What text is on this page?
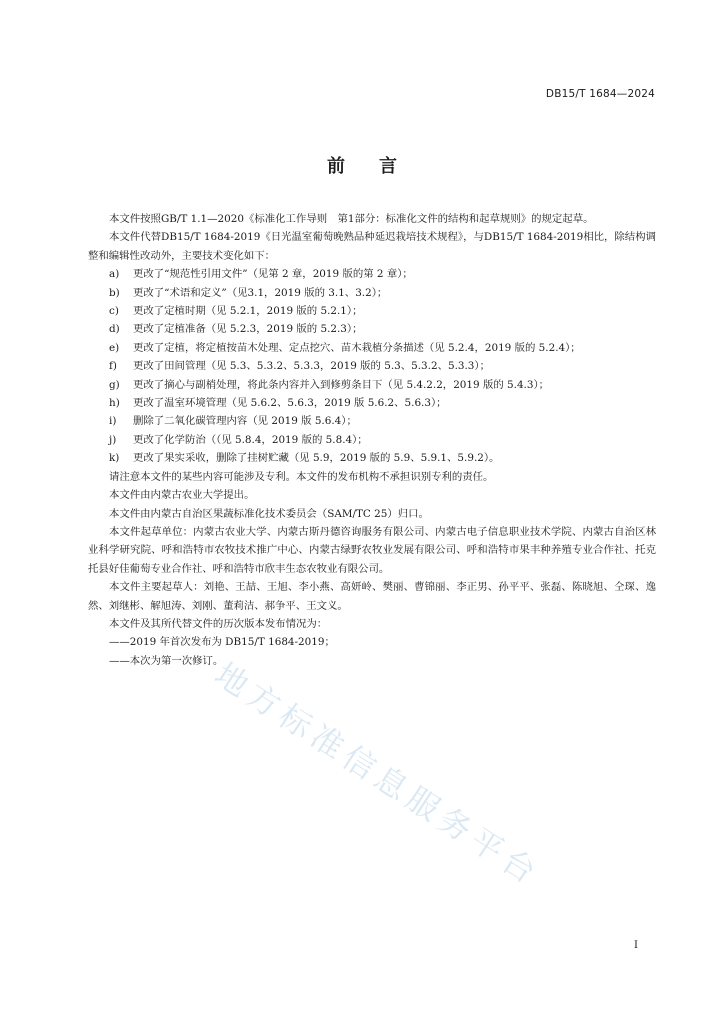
DB15/T 1684—2024
前 言
本文件按照GB/T 1.1—2020《标准化工作导则　第1部分：标准化文件的结构和起草规则》的规定起草。
本文件代替DB15/T 1684-2019《日光温室葡萄晚熟品种延迟栽培技术规程》，与DB15/T 1684-2019相比，除结构调整和编辑性改动外，主要技术变化如下：
a)	更改了“规范性引用文件”（见第 2 章，2019 版的第 2 章）；
b)	更改了“术语和定义”（见3.1，2019 版的 3.1、3.2）；
c)	更改了定植时期（见 5.2.1，2019 版的 5.2.1）；
d)	更改了定植准备（见 5.2.3，2019 版的 5.2.3）；
e)	更改了定植，将定植按苗木处理、定点挖穴、苗木栽植分条描述（见 5.2.4，2019 版的 5.2.4）；
f)	更改了田间管理（见 5.3、5.3.2、5.3.3，2019 版的 5.3、5.3.2、5.3.3）；
g)	更改了摘心与副梢处理，将此条内容并入到修剪条目下（见 5.4.2.2，2019 版的 5.4.3）；
h)	更改了温室环境管理（见 5.6.2、5.6.3，2019 版 5.6.2、5.6.3）；
i)	删除了二氧化碳管理内容（见 2019 版 5.6.4）；
j)	更改了化学防治（（见 5.8.4，2019 版的 5.8.4）；
k)	更改了果实采收，删除了挂树贮藏（见 5.9，2019 版的 5.9、5.9.1、5.9.2）。
请注意本文件的某些内容可能涉及专利。本文件的发布机构不承担识别专利的责任。
本文件由内蒙古农业大学提出。
本文件由内蒙古自治区果蔬标准化技术委员会（SAM/TC 25）归口。
本文件起草单位：内蒙古农业大学、内蒙古斯丹德咨询服务有限公司、内蒙古电子信息职业技术学院、内蒙古自治区林业科学研究院、呼和浩特市农牧技术推广中心、内蒙古绿野农牧业发展有限公司、呼和浩特市果丰种养殖专业合作社、托克托县好佳葡萄专业合作社、呼和浩特市欣丰生态农牧业有限公司。
本文件主要起草人：刘艳、王喆、王旭、李小燕、高妍岭、樊丽、曹锦丽、李正男、孙平平、张磊、陈晓旭、仝琛、逸然、刘继彬、解旭涛、刘刚、董莉洁、郝争平、王文义。
本文件及其所代替文件的历次版本发布情况为：
——2019 年首次发布为 DB15/T 1684-2019；
——本次为第一次修订。
地方标准信息服务平台
I
